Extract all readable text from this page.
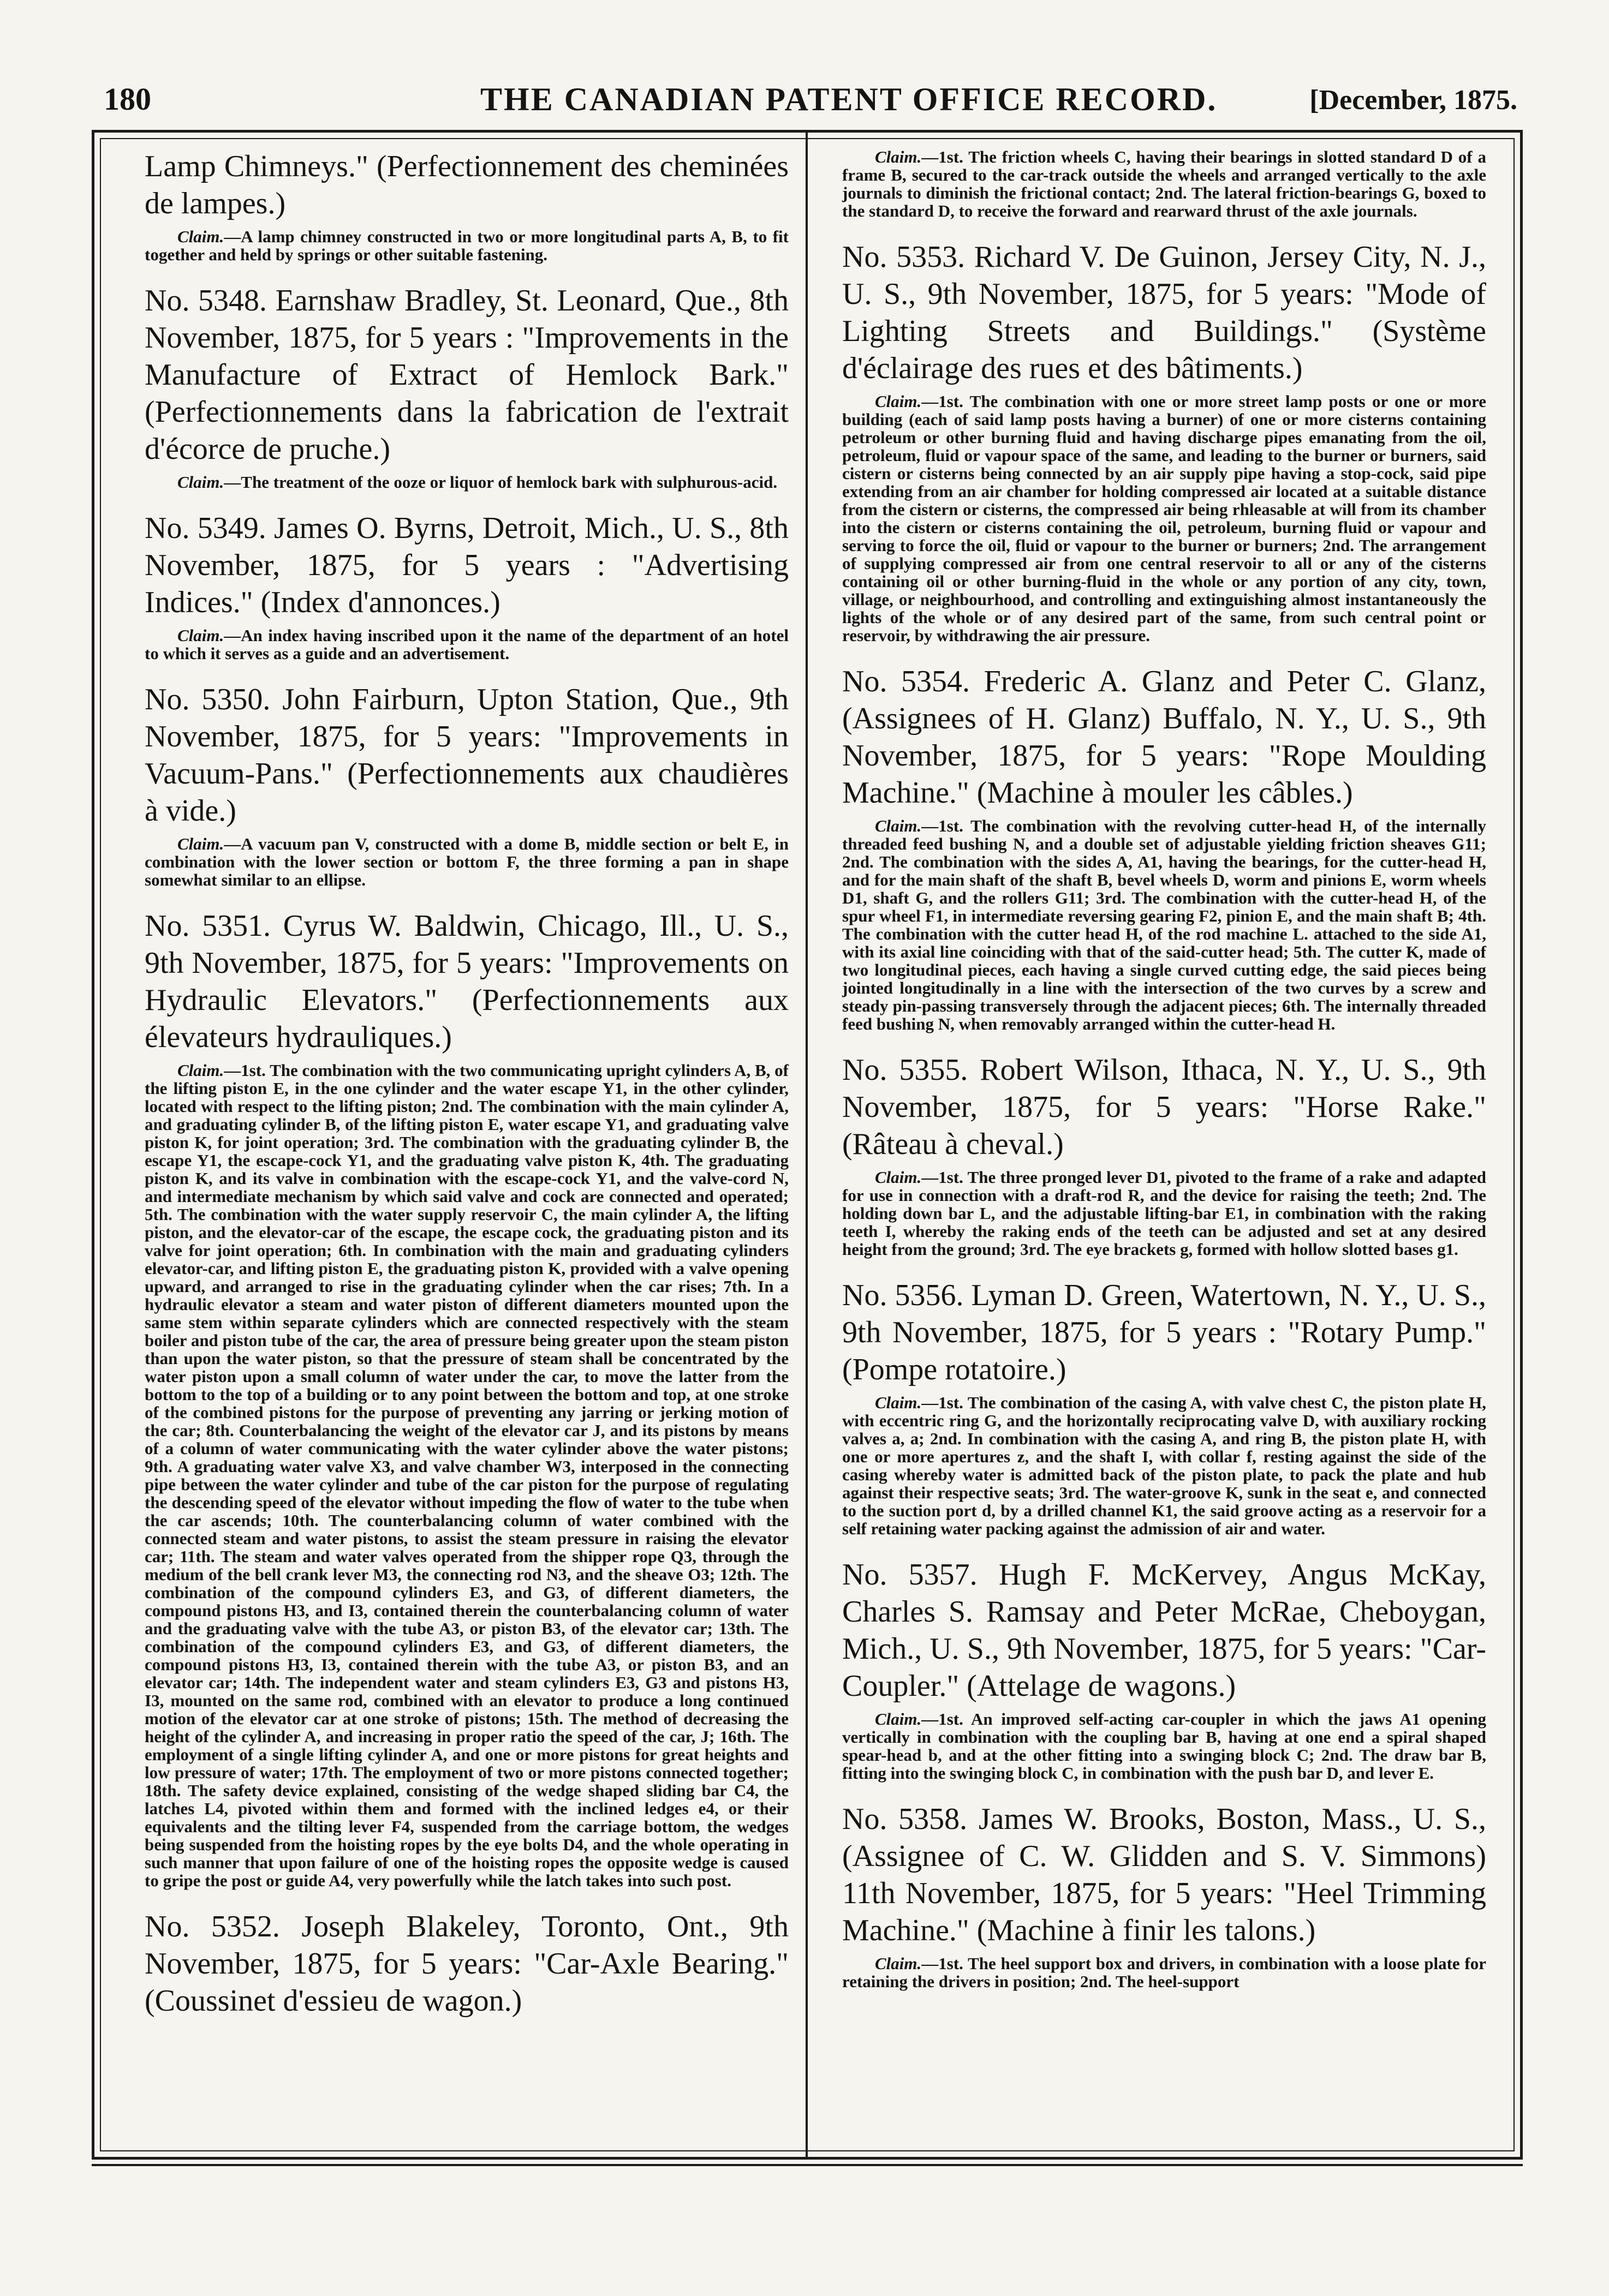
180	THE CANADIAN PATENT OFFICE RECORD.	[December, 1875.

Lamp Chimneys." (Perfectionnement des cheminées de lampes.)

Claim.—A lamp chimney constructed in two or more longitudinal parts A, B, to fit together and held by springs or other suitable fastening.

No. 5348. Earnshaw Bradley, St. Leonard, Que., 8th November, 1875, for 5 years : "Improvements in the Manufacture of Extract of Hemlock Bark." (Perfectionnements dans la fabrication de l'extrait d'écorce de pruche.)

Claim.—The treatment of the ooze or liquor of hemlock bark with sulphurous-acid.

No. 5349. James O. Byrns, Detroit, Mich., U. S., 8th November, 1875, for 5 years : "Advertising Indices." (Index d'annonces.)

Claim.—An index having inscribed upon it the name of the department of an hotel to which it serves as a guide and an advertisement.

No. 5350. John Fairburn, Upton Station, Que., 9th November, 1875, for 5 years: "Improvements in Vacuum-Pans." (Perfectionnements aux chaudières à vide.)

Claim.—A vacuum pan V, constructed with a dome B, middle section or belt E, in combination with the lower section or bottom F, the three forming a pan in shape somewhat similar to an ellipse.

No. 5351. Cyrus W. Baldwin, Chicago, Ill., U. S., 9th November, 1875, for 5 years: "Improvements on Hydraulic Elevators." (Perfectionnements aux élevateurs hydrauliques.)

Claim.—1st. The combination with the two communicating upright cylinders A, B, of the lifting piston E, in the one cylinder and the water escape Y1, in the other cylinder, located with respect to the lifting piston; 2nd. The combination with the main cylinder A, and graduating cylinder B, of the lifting piston E, water escape Y1, and graduating valve piston K, for joint operation; 3rd. The combination with the graduating cylinder B, the escape Y1, the escape-cock Y1, and the graduating valve piston K, 4th. The graduating piston K, and its valve in combination with the escape-cock Y1, and the valve-cord N, and intermediate mechanism by which said valve and cock are connected and operated; 5th. The combination with the water supply reservoir C, the main cylinder A, the lifting piston, and the elevator-car of the escape, the escape cock, the graduating piston and its valve for joint operation; 6th. In combination with the main and graduating cylinders elevator-car, and lifting piston E, the graduating piston K, provided with a valve opening upward, and arranged to rise in the graduating cylinder when the car rises; 7th. In a hydraulic elevator a steam and water piston of different diameters mounted upon the same stem within separate cylinders which are connected respectively with the steam boiler and piston tube of the car, the area of pressure being greater upon the steam piston than upon the water piston, so that the pressure of steam shall be concentrated by the water piston upon a small column of water under the car, to move the latter from the bottom to the top of a building or to any point between the bottom and top, at one stroke of the combined pistons for the purpose of preventing any jarring or jerking motion of the car; 8th. Counterbalancing the weight of the elevator car J, and its pistons by means of a column of water communicating with the water cylinder above the water pistons; 9th. A graduating water valve X3, and valve chamber W3, interposed in the connecting pipe between the water cylinder and tube of the car piston for the purpose of regulating the descending speed of the elevator without impeding the flow of water to the tube when the car ascends; 10th. The counterbalancing column of water combined with the connected steam and water pistons, to assist the steam pressure in raising the elevator car; 11th. The steam and water valves operated from the shipper rope Q3, through the medium of the bell crank lever M3, the connecting rod N3, and the sheave O3; 12th. The combination of the compound cylinders E3, and G3, of different diameters, the compound pistons H3, and I3, contained therein the counterbalancing column of water and the graduating valve with the tube A3, or piston B3, of the elevator car; 13th. The combination of the compound cylinders E3, and G3, of different diameters, the compound pistons H3, I3, contained therein with the tube A3, or piston B3, and an elevator car; 14th. The independent water and steam cylinders E3, G3 and pistons H3, I3, mounted on the same rod, combined with an elevator to produce a long continued motion of the elevator car at one stroke of pistons; 15th. The method of decreasing the height of the cylinder A, and increasing in proper ratio the speed of the car, J; 16th. The employment of a single lifting cylinder A, and one or more pistons for great heights and low pressure of water; 17th. The employment of two or more pistons connected together; 18th. The safety device explained, consisting of the wedge shaped sliding bar C4, the latches L4, pivoted within them and formed with the inclined ledges e4, or their equivalents and the tilting lever F4, suspended from the carriage bottom, the wedges being suspended from the hoisting ropes by the eye bolts D4, and the whole operating in such manner that upon failure of one of the hoisting ropes the opposite wedge is caused to gripe the post or guide A4, very powerfully while the latch takes into such post.

No. 5352. Joseph Blakeley, Toronto, Ont., 9th November, 1875, for 5 years: "Car-Axle Bearing." (Coussinet d'essieu de wagon.)

Claim.—1st. The friction wheels C, having their bearings in slotted standard D of a frame B, secured to the car-track outside the wheels and arranged vertically to the axle journals to diminish the frictional contact; 2nd. The lateral friction-bearings G, boxed to the standard D, to receive the forward and rearward thrust of the axle journals.

No. 5353. Richard V. De Guinon, Jersey City, N. J., U. S., 9th November, 1875, for 5 years: "Mode of Lighting Streets and Buildings." (Système d'éclairage des rues et des bâtiments.)

Claim.—1st. The combination with one or more street lamp posts or one or more building (each of said lamp posts having a burner) of one or more cisterns containing petroleum or other burning fluid and having discharge pipes emanating from the oil, petroleum, fluid or vapour space of the same, and leading to the burner or burners, said cistern or cisterns being connected by an air supply pipe having a stop-cock, said pipe extending from an air chamber for holding compressed air located at a suitable distance from the cistern or cisterns, the compressed air being rhleasable at will from its chamber into the cistern or cisterns containing the oil, petroleum, burning fluid or vapour and serving to force the oil, fluid or vapour to the burner or burners; 2nd. The arrangement of supplying compressed air from one central reservoir to all or any of the cisterns containing oil or other burning-fluid in the whole or any portion of any city, town, village, or neighbourhood, and controlling and extinguishing almost instantaneously the lights of the whole or of any desired part of the same, from such central point or reservoir, by withdrawing the air pressure.

No. 5354. Frederic A. Glanz and Peter C. Glanz, (Assignees of H. Glanz) Buffalo, N. Y., U. S., 9th November, 1875, for 5 years: "Rope Moulding Machine." (Machine à mouler les câbles.)

Claim.—1st. The combination with the revolving cutter-head H, of the internally threaded feed bushing N, and a double set of adjustable yielding friction sheaves G11; 2nd. The combination with the sides A, A1, having the bearings, for the cutter-head H, and for the main shaft of the shaft B, bevel wheels D, worm and pinions E, worm wheels D1, shaft G, and the rollers G11; 3rd. The combination with the cutter-head H, of the spur wheel F1, in intermediate reversing gearing F2, pinion E, and the main shaft B; 4th. The combination with the cutter head H, of the rod machine L. attached to the side A1, with its axial line coinciding with that of the said-cutter head; 5th. The cutter K, made of two longitudinal pieces, each having a single curved cutting edge, the said pieces being jointed longitudinally in a line with the intersection of the two curves by a screw and steady pin-passing transversely through the adjacent pieces; 6th. The internally threaded feed bushing N, when removably arranged within the cutter-head H.

No. 5355. Robert Wilson, Ithaca, N. Y., U. S., 9th November, 1875, for 5 years: "Horse Rake." (Râteau à cheval.)

Claim.—1st. The three pronged lever D1, pivoted to the frame of a rake and adapted for use in connection with a draft-rod R, and the device for raising the teeth; 2nd. The holding down bar L, and the adjustable lifting-bar E1, in combination with the raking teeth I, whereby the raking ends of the teeth can be adjusted and set at any desired height from the ground; 3rd. The eye brackets g, formed with hollow slotted bases g1.

No. 5356. Lyman D. Green, Watertown, N. Y., U. S., 9th November, 1875, for 5 years : "Rotary Pump." (Pompe rotatoire.)

Claim.—1st. The combination of the casing A, with valve chest C, the piston plate H, with eccentric ring G, and the horizontally reciprocating valve D, with auxiliary rocking valves a, a; 2nd. In combination with the casing A, and ring B, the piston plate H, with one or more apertures z, and the shaft I, with collar f, resting against the side of the casing whereby water is admitted back of the piston plate, to pack the plate and hub against their respective seats; 3rd. The water-groove K, sunk in the seat e, and connected to the suction port d, by a drilled channel K1, the said groove acting as a reservoir for a self retaining water packing against the admission of air and water.

No. 5357. Hugh F. McKervey, Angus McKay, Charles S. Ramsay and Peter McRae, Cheboygan, Mich., U. S., 9th November, 1875, for 5 years: "Car-Coupler." (Attelage de wagons.)

Claim.—1st. An improved self-acting car-coupler in which the jaws A1 opening vertically in combination with the coupling bar B, having at one end a spiral shaped spear-head b, and at the other fitting into a swinging block C; 2nd. The draw bar B, fitting into the swinging block C, in combination with the push bar D, and lever E.

No. 5358. James W. Brooks, Boston, Mass., U. S., (Assignee of C. W. Glidden and S. V. Simmons) 11th November, 1875, for 5 years: "Heel Trimming Machine." (Machine à finir les talons.)

Claim.—1st. The heel support box and drivers, in combination with a loose plate for retaining the drivers in position; 2nd. The heel-support
